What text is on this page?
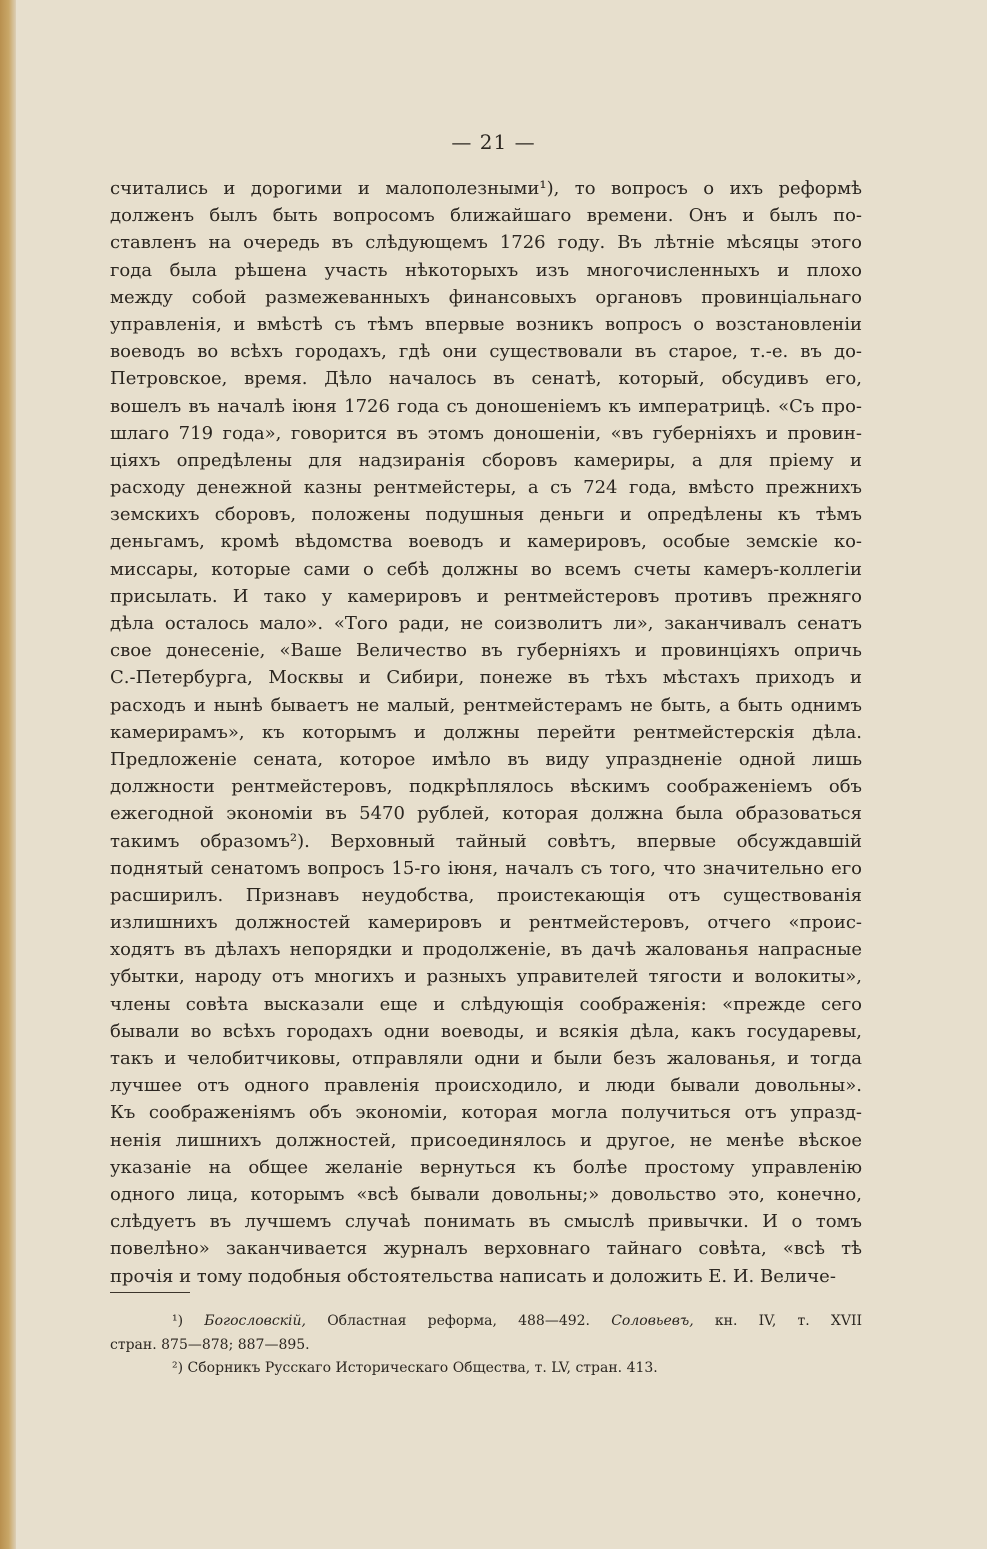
— 21 —
считались и дорогими и малополезными¹), то вопросъ о ихъ реформѣ
долженъ былъ быть вопросомъ ближайшаго времени. Онъ и былъ по-
ставленъ на очередь въ слѣдующемъ 1726 году. Въ лѣтніе мѣсяцы этого
года была рѣшена участь нѣкоторыхъ изъ многочисленныхъ и плохо
между собой размежеванныхъ финансовыхъ органовъ провинціальнаго
управленія, и вмѣстѣ съ тѣмъ впервые возникъ вопросъ о возстановленіи
воеводъ во всѣхъ городахъ, гдѣ они существовали въ старое, т.-е. въ до-
Петровское, время. Дѣло началось въ сенатѣ, который, обсудивъ его,
вошелъ въ началѣ іюня 1726 года съ доношеніемъ къ императрицѣ. «Съ про-
шлаго 719 года», говорится въ этомъ доношеніи, «въ губерніяхъ и провин-
ціяхъ опредѣлены для надзиранія сборовъ камериры, а для пріему и
расходу денежной казны рентмейстеры, а съ 724 года, вмѣсто прежнихъ
земскихъ сборовъ, положены подушныя деньги и опредѣлены къ тѣмъ
деньгамъ, кромѣ вѣдомства воеводъ и камерировъ, особые земскіе ко-
миссары, которые сами о себѣ должны во всемъ счеты камеръ-коллегіи
присылать. И тако у камерировъ и рентмейстеровъ противъ прежняго
дѣла осталось мало». «Того ради, не соизволитъ ли», заканчивалъ сенатъ
свое донесеніе, «Ваше Величество въ губерніяхъ и провинціяхъ опричь
С.-Петербурга, Москвы и Сибири, понеже въ тѣхъ мѣстахъ приходъ и
расходъ и нынѣ бываетъ не малый, рентмейстерамъ не быть, а быть однимъ
камерирамъ», къ которымъ и должны перейти рентмейстерскія дѣла.
Предложеніе сената, которое имѣло въ виду упраздненіе одной лишь
должности рентмейстеровъ, подкрѣплялось вѣскимъ соображеніемъ объ
ежегодной экономіи въ 5470 рублей, которая должна была образоваться
такимъ образомъ²). Верховный тайный совѣтъ, впервые обсуждавшій
поднятый сенатомъ вопросъ 15-го іюня, началъ съ того, что значительно его
расширилъ. Признавъ неудобства, проистекающія отъ существованія
излишнихъ должностей камерировъ и рентмейстеровъ, отчего «проис-
ходятъ въ дѣлахъ непорядки и продолженіе, въ дачѣ жалованья напрасные
убытки, народу отъ многихъ и разныхъ управителей тягости и волокиты»,
члены совѣта высказали еще и слѣдующія соображенія: «прежде сего
бывали во всѣхъ городахъ одни воеводы, и всякія дѣла, какъ государевы,
такъ и челобитчиковы, отправляли одни и были безъ жалованья, и тогда
лучшее отъ одного правленія происходило, и люди бывали довольны».
Къ соображеніямъ объ экономіи, которая могла получиться отъ упразд-
ненія лишнихъ должностей, присоединялось и другое, не менѣе вѣское
указаніе на общее желаніе вернуться къ болѣе простому управленію
одного лица, которымъ «всѣ бывали довольны;» довольство это, конечно,
слѣдуетъ въ лучшемъ случаѣ понимать въ смыслѣ привычки. И о томъ
повелѣно» заканчивается журналъ верховнаго тайнаго совѣта, «всѣ тѣ
прочія и тому подобныя обстоятельства написать и доложить Е. И. Величе-
¹) Богословскій, Областная реформа, 488—492. Соловьевъ, кн. IV, т. XVII
стран. 875—878; 887—895.
²) Сборникъ Русскаго Историческаго Общества, т. LV, стран. 413.
